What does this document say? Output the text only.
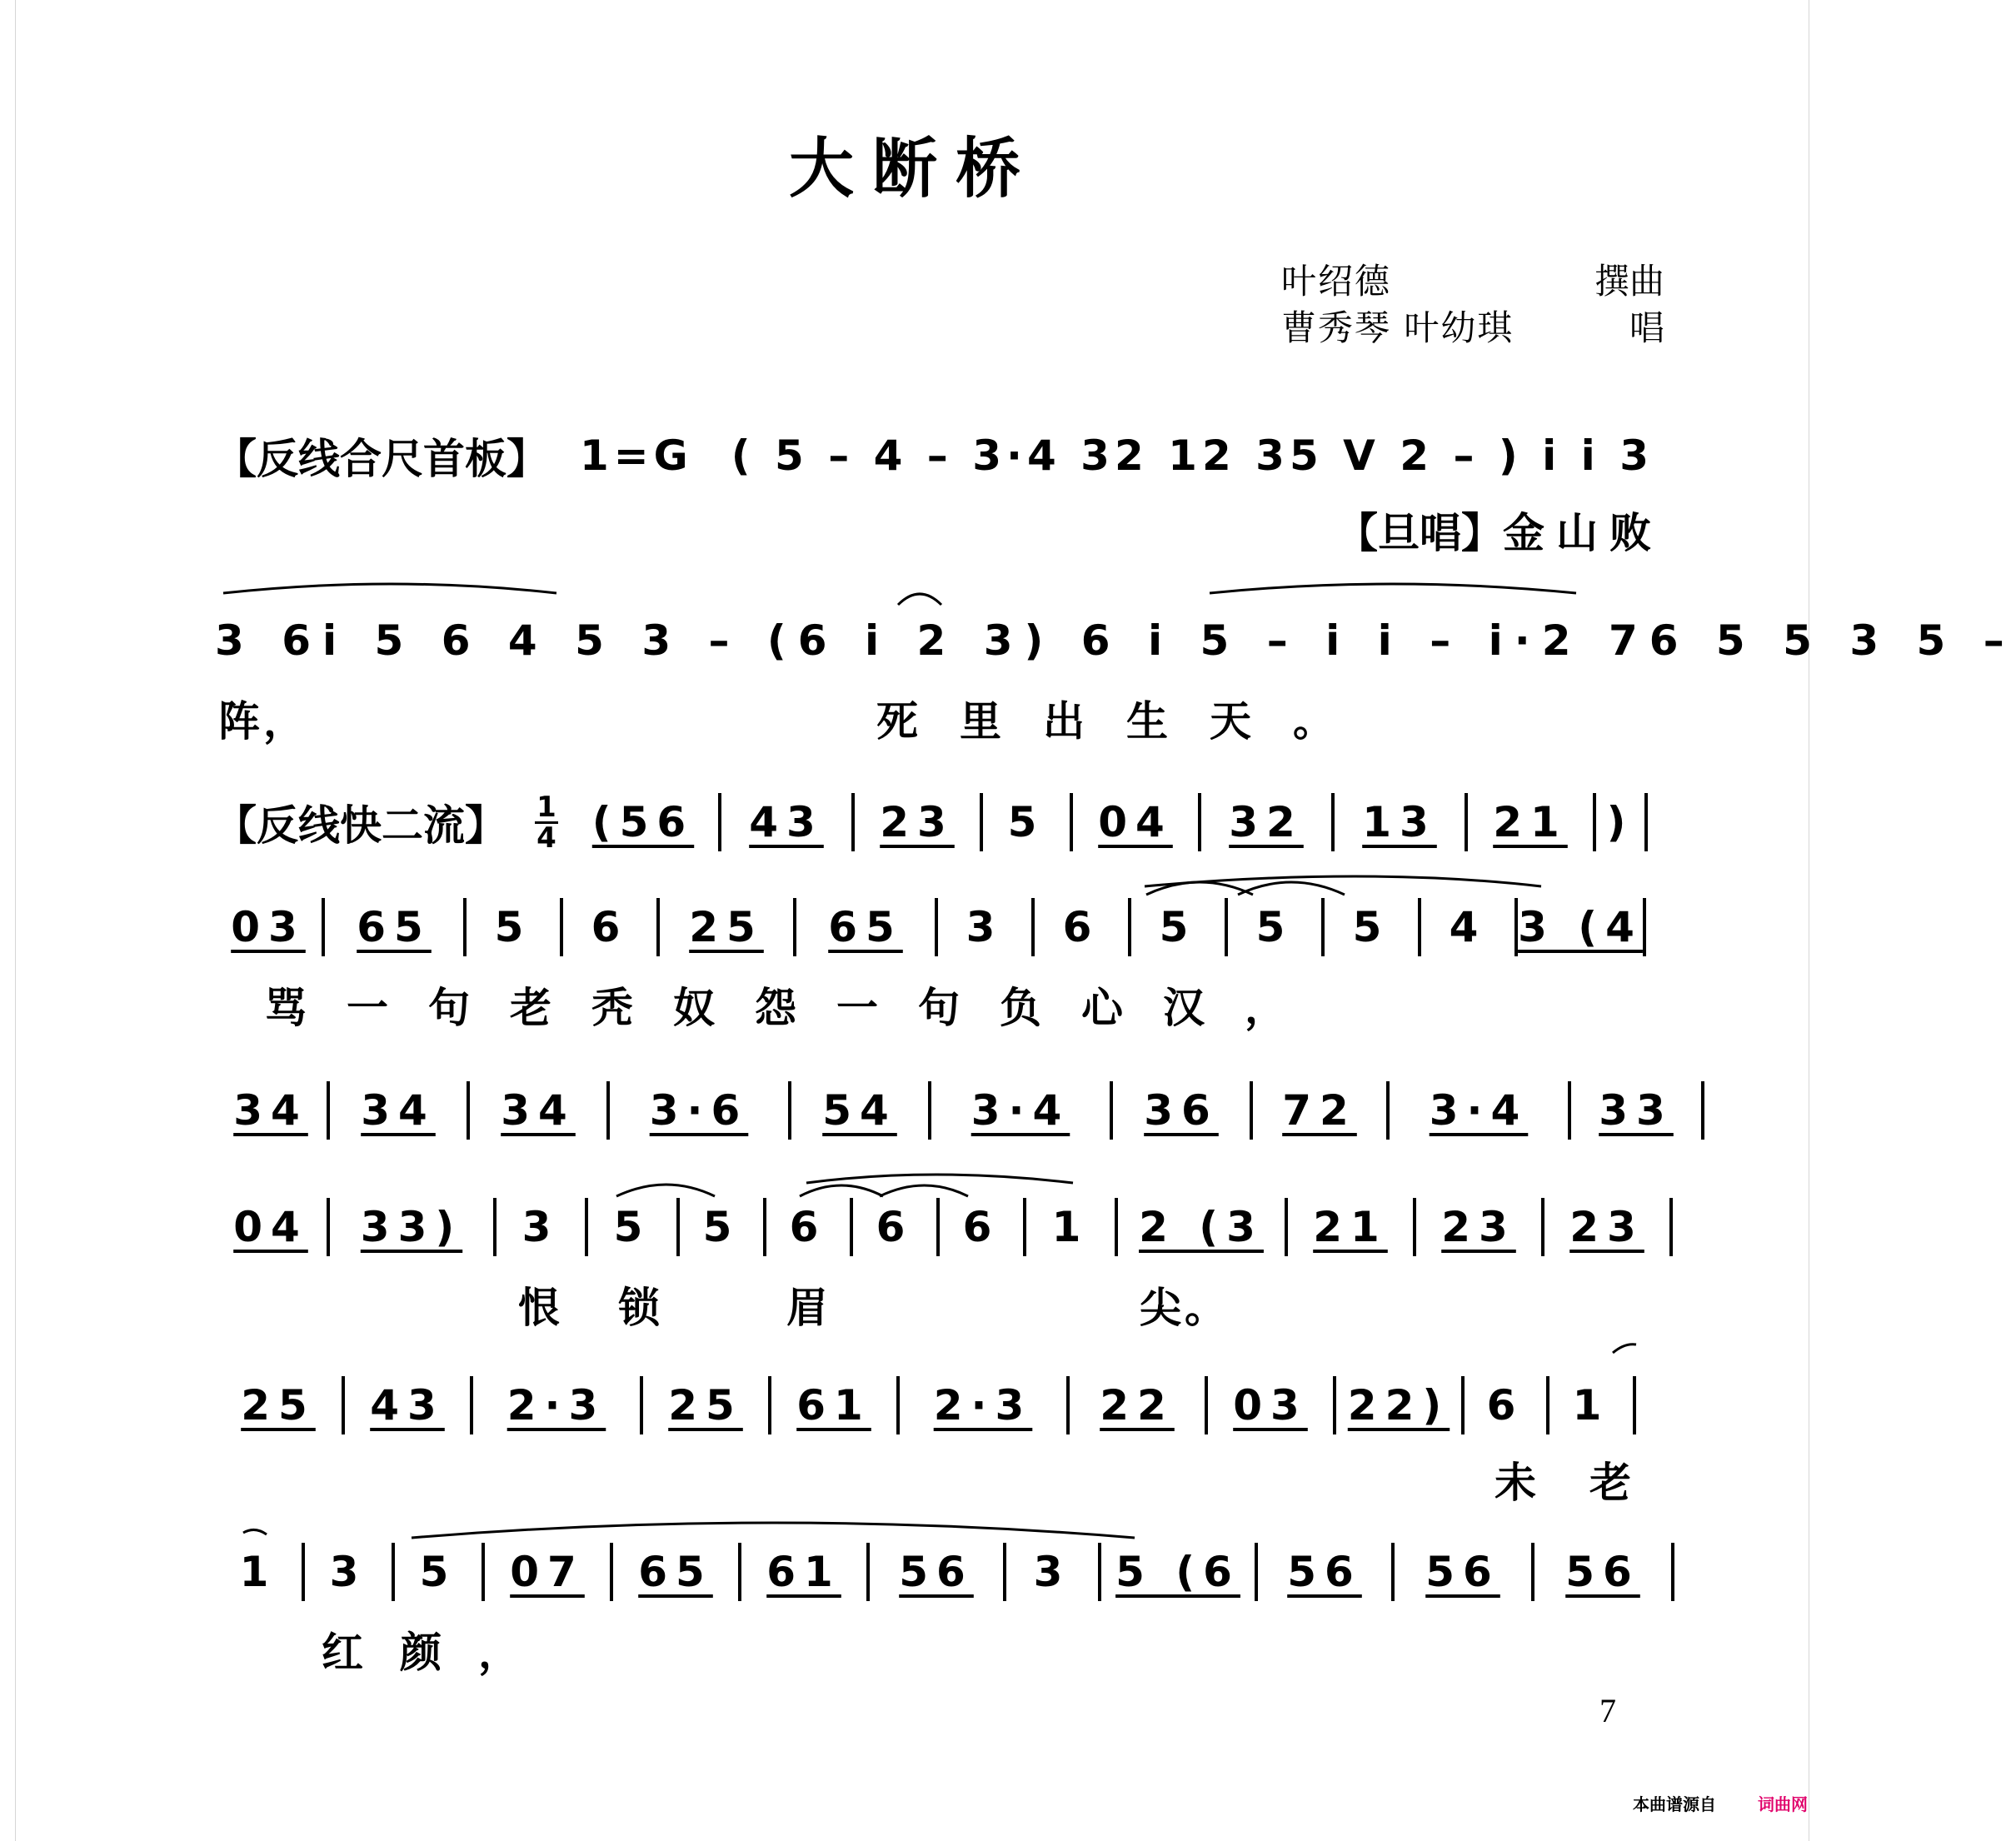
大断桥
叶绍德	撰曲
曹秀琴 叶幼琪	唱
【反线合尺首板】 1=G ( 5 – 4 – 3·4 32 12 35 V 2 – ) i i 3
【旦唱】金山败
3 6i 5 6 4 5 3 – (6 i 2 3) 6 i 5 – i i – i·2 76 5 5 3 5 –
阵，	死里出生天。
【反线快二流】 1
4 (56 43 23 5 04 32 13 21 )
03 65 5 6 25 65 3 6 5 5 5 4 3 (4
骂一句老秃奴怨一句负心汉，
34 34 34 3·6 54 3·4 36 72 3·4 33
04 33) 3 5 5 6 6 6 1 2 (3 21 23 23
恨锁 眉	尖。
25 43 2·3 25 61 2·3 22 03 22) 6 1
未老
1 3 5 07 65 61 56 3 5 (6 56 56 56
红颜，
7
本曲谱源自	词曲网
